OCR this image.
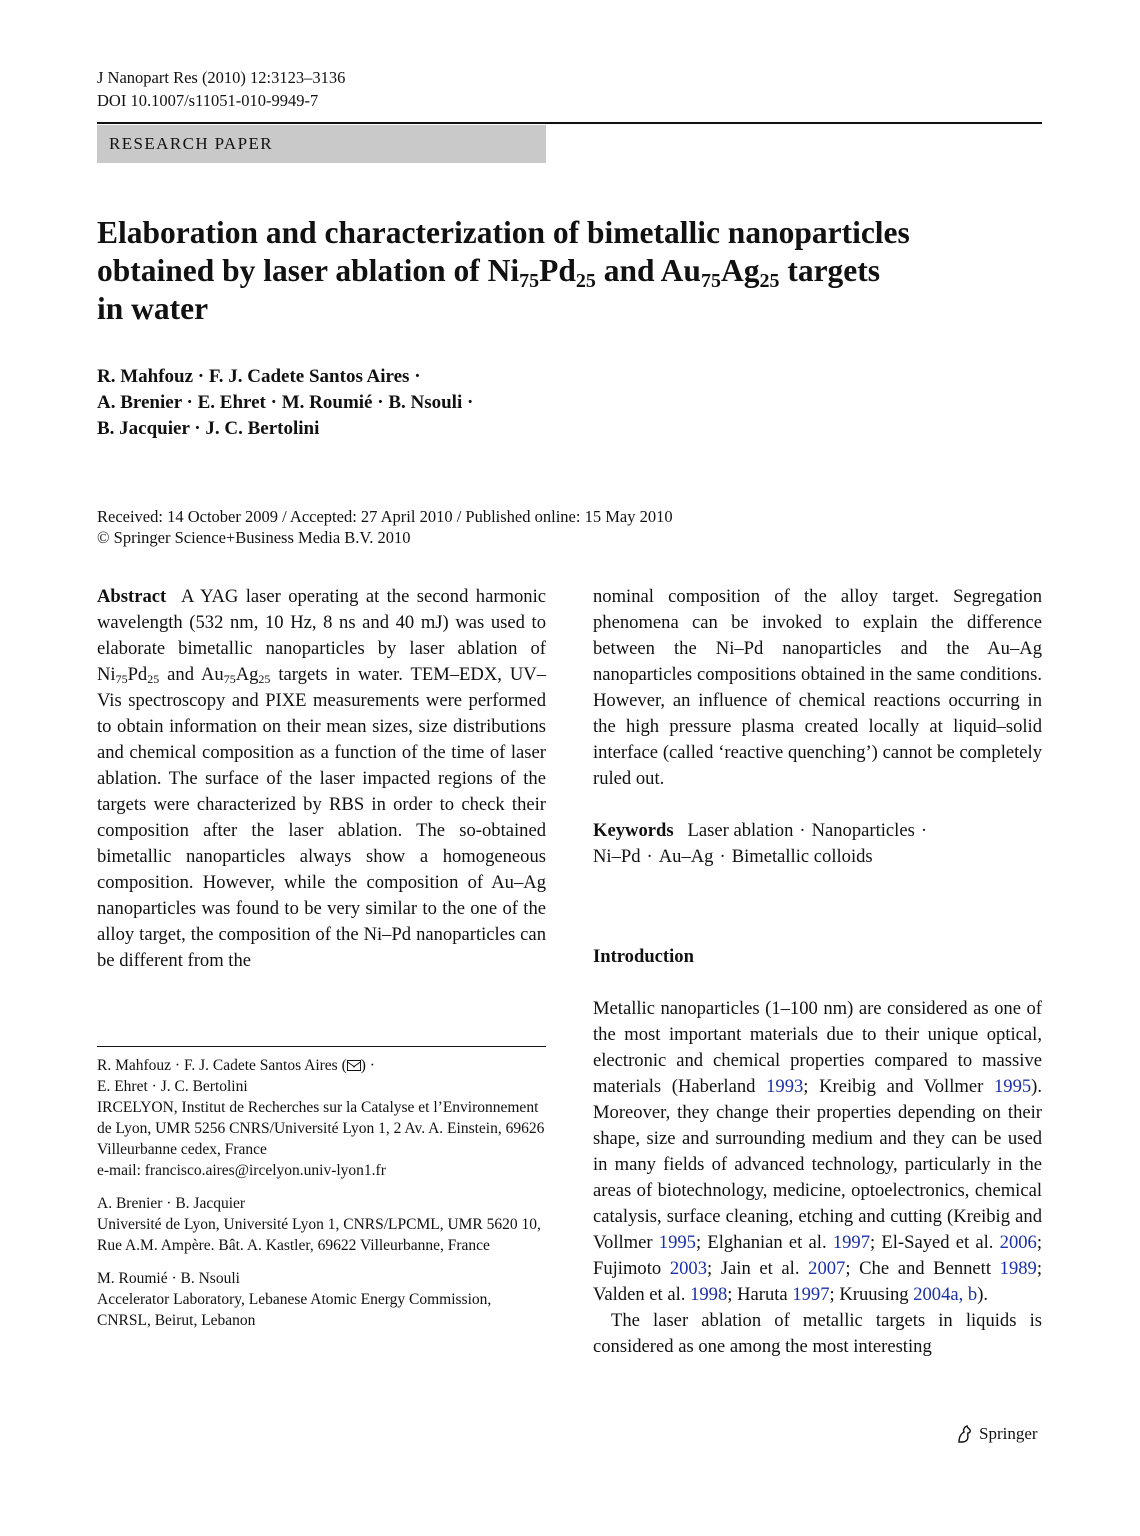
J Nanopart Res (2010) 12:3123–3136
DOI 10.1007/s11051-010-9949-7
RESEARCH PAPER
Elaboration and characterization of bimetallic nanoparticles
obtained by laser ablation of $Ni_{75}Pd_{25}$ and $Au_{75}Ag_{25}$ targets
in water
R. Mahfouz · F. J. Cadete Santos Aires ·
A. Brenier · E. Ehret · M. Roumié · B. Nsouli ·
B. Jacquier · J. C. Bertolini
Received: 14 October 2009 / Accepted: 27 April 2010 / Published online: 15 May 2010
© Springer Science+Business Media B.V. 2010

Abstract A YAG laser operating at the second harmonic wavelength (532 nm, 10 Hz, 8 ns and 40 mJ) was used to elaborate bimetallic nanoparticles by laser ablation of $Ni_{75}Pd_{25}$ and $Au_{75}Ag_{25}$ targets in water. TEM–EDX, UV–Vis spectroscopy and PIXE measurements were performed to obtain information on their mean sizes, size distributions and chemical composition as a function of the time of laser ablation. The surface of the laser impacted regions of the targets were characterized by RBS in order to check their composition after the laser ablation. The so-obtained bimetallic nanoparticles always show a homogeneous composition. However, while the composition of Au–Ag nanoparticles was found to be very similar to the one of the alloy target, the composition of the Ni–Pd nanoparticles can be different from the

R. Mahfouz · F. J. Cadete Santos Aires ( ) ·
E. Ehret · J. C. Bertolini
IRCELYON, Institut de Recherches sur la Catalyse et l’Environnement de Lyon, UMR 5256 CNRS/Université Lyon 1, 2 Av. A. Einstein, 69626 Villeurbanne cedex, France
e-mail: francisco.aires@ircelyon.univ-lyon1.fr

A. Brenier · B. Jacquier
Université de Lyon, Université Lyon 1, CNRS/LPCML, UMR 5620 10, Rue A.M. Ampère. Bât. A. Kastler, 69622 Villeurbanne, France

M. Roumié · B. Nsouli
Accelerator Laboratory, Lebanese Atomic Energy Commission, CNRSL, Beirut, Lebanon

nominal composition of the alloy target. Segregation phenomena can be invoked to explain the difference between the Ni–Pd nanoparticles and the Au–Ag nanoparticles compositions obtained in the same conditions. However, an influence of chemical reactions occurring in the high pressure plasma created locally at liquid–solid interface (called ‘reactive quenching’) cannot be completely ruled out.

Keywords Laser ablation · Nanoparticles ·
Ni–Pd · Au–Ag · Bimetallic colloids

Introduction

Metallic nanoparticles (1–100 nm) are considered as one of the most important materials due to their unique optical, electronic and chemical properties compared to massive materials (Haberland 1993; Kreibig and Vollmer 1995). Moreover, they change their properties depending on their shape, size and surrounding medium and they can be used in many fields of advanced technology, particularly in the areas of biotechnology, medicine, optoelectronics, chemical catalysis, surface cleaning, etching and cutting (Kreibig and Vollmer 1995; Elghanian et al. 1997; El-Sayed et al. 2006; Fujimoto 2003; Jain et al. 2007; Che and Bennett 1989; Valden et al. 1998; Haruta 1997; Kruusing 2004a, b).

The laser ablation of metallic targets in liquids is considered as one among the most interesting

Springer
